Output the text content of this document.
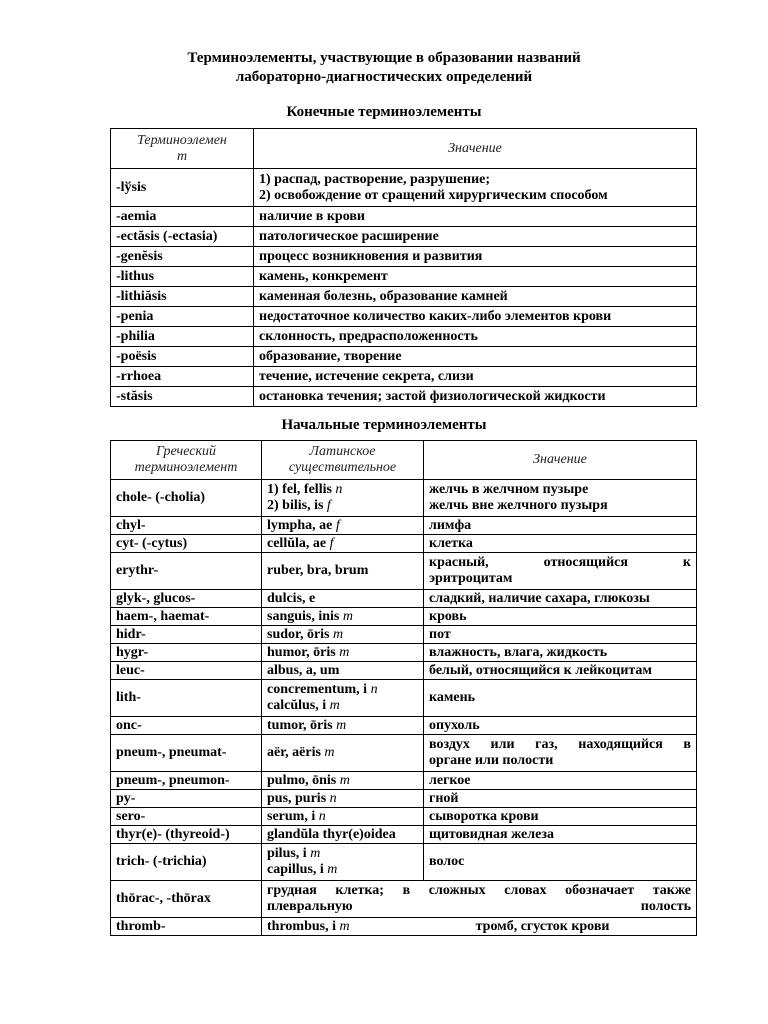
Терминоэлементы, участвующие в образовании названий
лабораторно-диагностических определений
Конечные терминоэлементы
Терминоэлемен
т	Значение
-lўsis	1) распад, растворение, разрушение;
2) освобождение от сращений хирургическим способом

-aemia	наличие в крови

-ectăsis (-ectasia)	патологическое расширение

-genĕsis	процесс возникновения и развития

-lithus	камень, конкремент

-lithiăsis	каменная болезнь, образование камней

-penia	недостаточное количество каких-либо элементов крови

-philia	склонность, предрасположенность

-poёsis	образование, творение

-rrhoea	течение, истечение секрета, слизи

-stăsis	остановка течения; застой физиологической жидкости
Начальные терминоэлементы
Греческий
терминоэлемент	Латинское
существительное	Значение
chole- (-cholia)	1) fel, fellis n
2) bilis, is f	желчь в желчном пузыре
желчь вне желчного пузыря

chyl-	lympha, ae f	лимфа

cyt- (-cytus)	cellŭla, ae f	клетка

erythr-	ruber, bra, brum	красный, относящийся к
эритроцитам

glyk-, glucos-	dulcis, e	сладкий, наличие сахара, глюкозы

haem-, haemat-	sanguis, inis m	кровь

hidr-	sudor, ōris m	пот

hygr-	humor, ōris m	влажность, влага, жидкость

leuc-	albus, a, um	белый, относящийся к лейкоцитам

lith-	concrementum, i n
calcŭlus, i m	камень

onc-	tumor, ōris m	опухоль

pneum-, pneumat-	aёr, aёris m	воздух или газ, находящийся в
органе или полости

pneum-, pneumon-	pulmo, ōnis m	легкое

py-	pus, puris n	гной

sero-	serum, i n	сыворотка крови

thyr(e)- (thyreoid-)	glandŭla thyr(e)oidea	щитовидная железа

trich- (-trichia)	pilus, i m
capillus, i m	волос

thōrac-, -thōrax	грудная клетка; в сложных словах обозначает также
плевральную полость	

thromb-	thrombus, i m тромб, сгусток крови	
